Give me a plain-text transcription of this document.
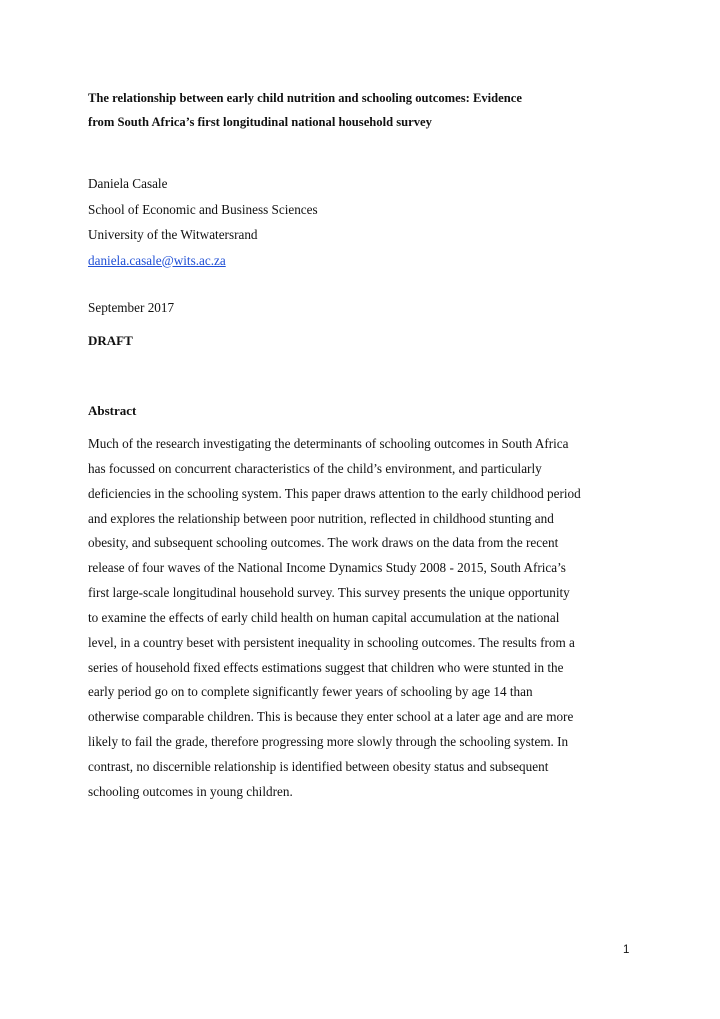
The relationship between early child nutrition and schooling outcomes: Evidence
from South Africa’s first longitudinal national household survey
Daniela Casale
School of Economic and Business Sciences
University of the Witwatersrand
daniela.casale@wits.ac.za
September 2017
DRAFT
Abstract
Much of the research investigating the determinants of schooling outcomes in South Africa
has focussed on concurrent characteristics of the child’s environment, and particularly
deficiencies in the schooling system. This paper draws attention to the early childhood period
and explores the relationship between poor nutrition, reflected in childhood stunting and
obesity, and subsequent schooling outcomes. The work draws on the data from the recent
release of four waves of the National Income Dynamics Study 2008 - 2015, South Africa’s
first large-scale longitudinal household survey. This survey presents the unique opportunity
to examine the effects of early child health on human capital accumulation at the national
level, in a country beset with persistent inequality in schooling outcomes. The results from a
series of household fixed effects estimations suggest that children who were stunted in the
early period go on to complete significantly fewer years of schooling by age 14 than
otherwise comparable children. This is because they enter school at a later age and are more
likely to fail the grade, therefore progressing more slowly through the schooling system. In
contrast, no discernible relationship is identified between obesity status and subsequent
schooling outcomes in young children.
1
